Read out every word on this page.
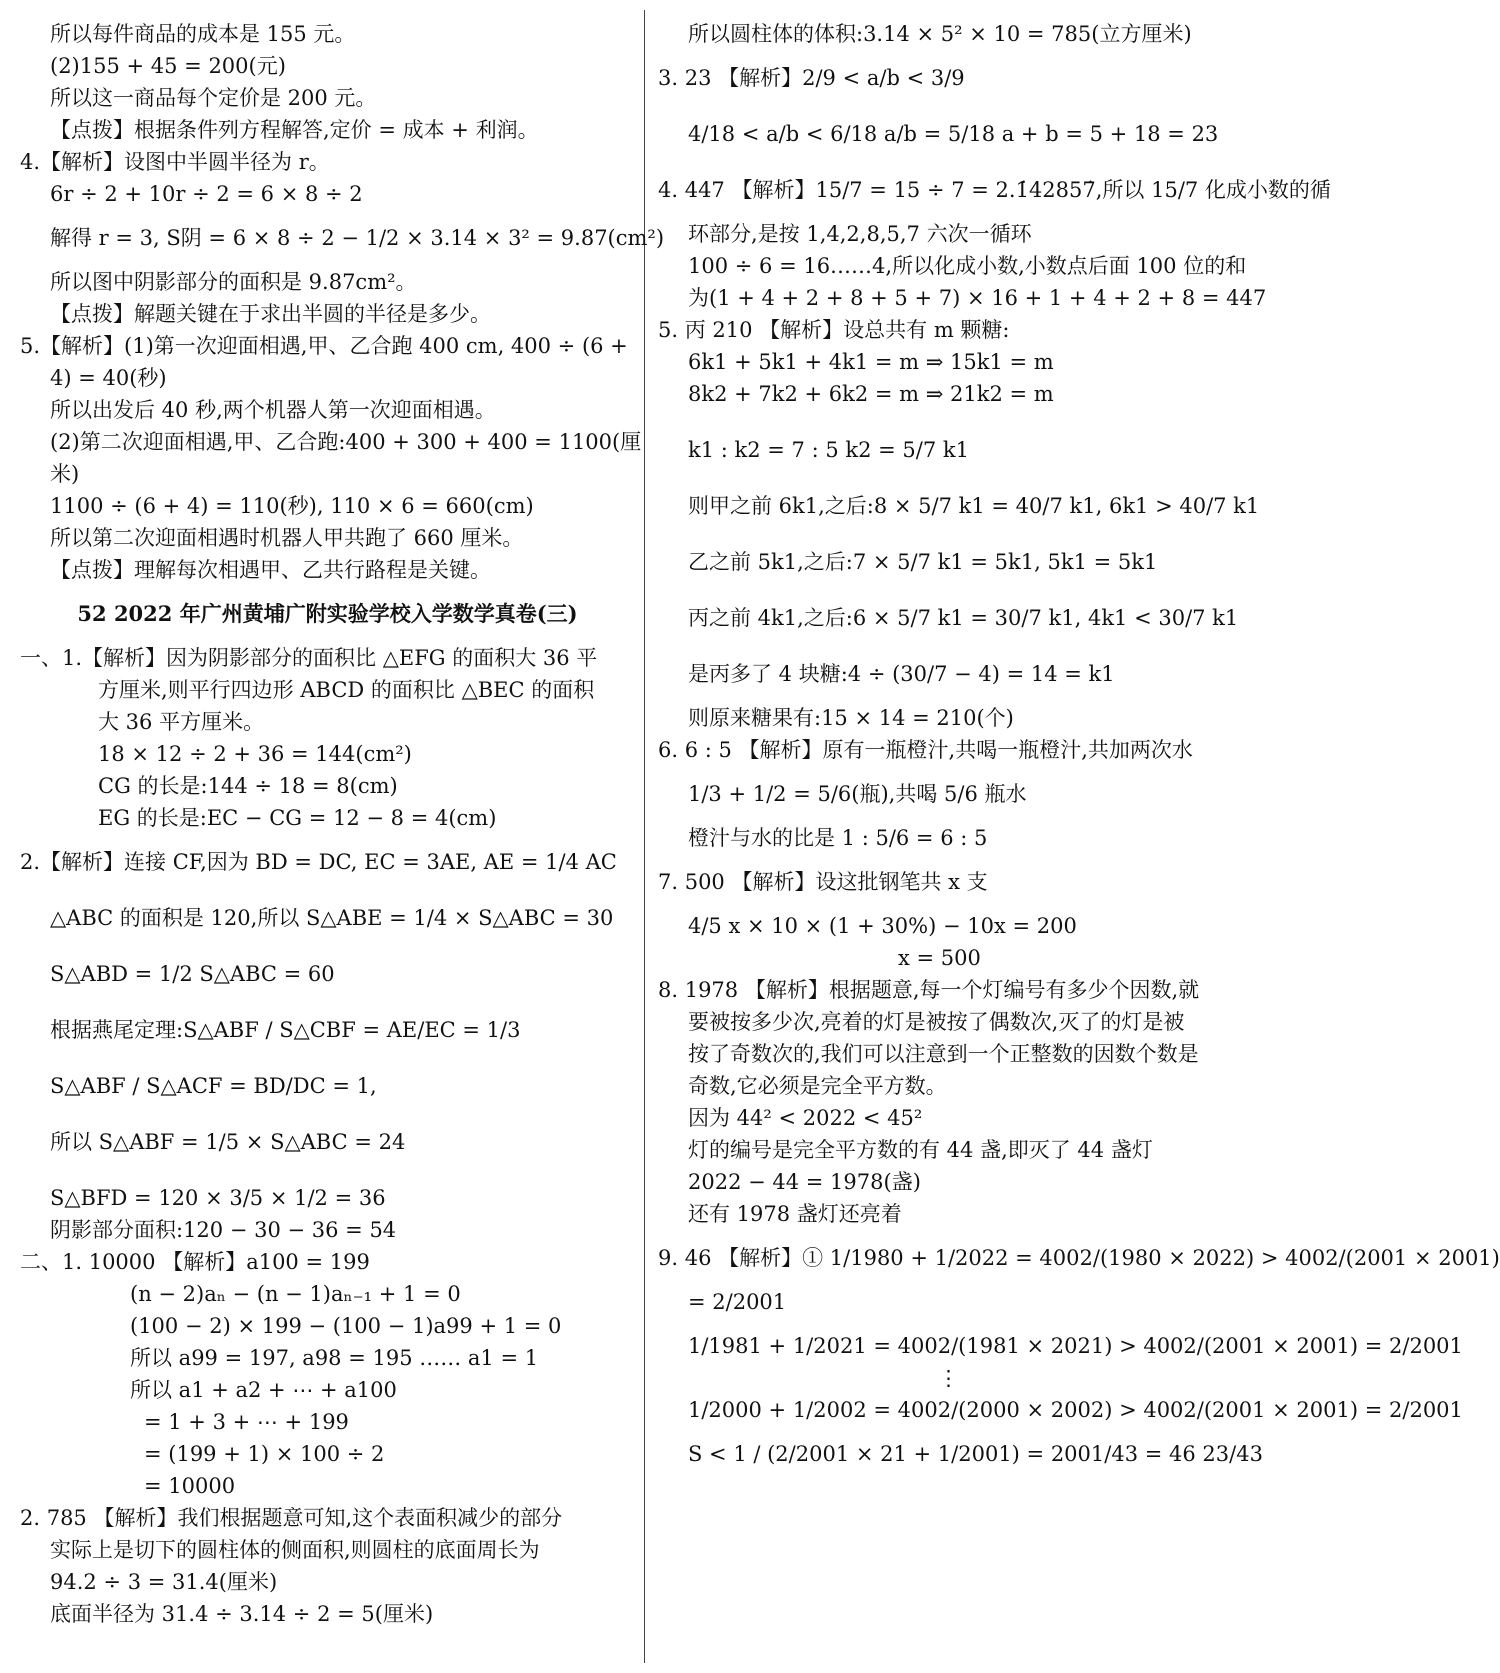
所以每件商品的成本是 155 元。
(2)155 + 45 = 200(元)
所以这一商品每个定价是 200 元。
【点拨】根据条件列方程解答,定价 = 成本 + 利润。
4.【解析】设图中半圆半径为 r。
6r ÷ 2 + 10r ÷ 2 = 6 × 8 ÷ 2
解得 r = 3, S阴 = 6 × 8 ÷ 2 − 1/2 × 3.14 × 3² = 9.87(cm²)
所以图中阴影部分的面积是 9.87cm²。
【点拨】解题关键在于求出半圆的半径是多少。
5.【解析】(1)第一次迎面相遇,甲、乙合跑 400 cm, 400 ÷ (6 +
4) = 40(秒)
所以出发后 40 秒,两个机器人第一次迎面相遇。
(2)第二次迎面相遇,甲、乙合跑:400 + 300 + 400 = 1100(厘
米)
1100 ÷ (6 + 4) = 110(秒), 110 × 6 = 660(cm)
所以第二次迎面相遇时机器人甲共跑了 660 厘米。
【点拨】理解每次相遇甲、乙共行路程是关键。
52 2022 年广州黄埔广附实验学校入学数学真卷(三)
一、1.【解析】因为阴影部分的面积比 △EFG 的面积大 36 平
方厘米,则平行四边形 ABCD 的面积比 △BEC 的面积
大 36 平方厘米。
18 × 12 ÷ 2 + 36 = 144(cm²)
CG 的长是:144 ÷ 18 = 8(cm)
EG 的长是:EC − CG = 12 − 8 = 4(cm)
2.【解析】连接 CF,因为 BD = DC, EC = 3AE, AE = 1/4 AC
△ABC 的面积是 120,所以 S△ABE = 1/4 × S△ABC = 30
S△ABD = 1/2 S△ABC = 60
根据燕尾定理:S△ABF / S△CBF = AE/EC = 1/3
S△ABF / S△ACF = BD/DC = 1,
所以 S△ABF = 1/5 × S△ABC = 24
S△BFD = 120 × 3/5 × 1/2 = 36
阴影部分面积:120 − 30 − 36 = 54
二、1. 10000 【解析】a100 = 199
(n − 2)aₙ − (n − 1)aₙ₋₁ + 1 = 0
(100 − 2) × 199 − (100 − 1)a99 + 1 = 0
所以 a99 = 197, a98 = 195 …… a1 = 1
所以 a1 + a2 + ⋯ + a100
= 1 + 3 + ⋯ + 199
= (199 + 1) × 100 ÷ 2
= 10000
2. 785 【解析】我们根据题意可知,这个表面积减少的部分
实际上是切下的圆柱体的侧面积,则圆柱的底面周长为
94.2 ÷ 3 = 31.4(厘米)
底面半径为 31.4 ÷ 3.14 ÷ 2 = 5(厘米)
所以圆柱体的体积:3.14 × 5² × 10 = 785(立方厘米)
3. 23 【解析】2/9 < a/b < 3/9
4/18 < a/b < 6/18 a/b = 5/18 a + b = 5 + 18 = 23
4. 447 【解析】15/7 = 15 ÷ 7 = 2.1̇42857̇,所以 15/7 化成小数的循
环部分,是按 1,4,2,8,5,7 六次一循环
100 ÷ 6 = 16……4,所以化成小数,小数点后面 100 位的和
为(1 + 4 + 2 + 8 + 5 + 7) × 16 + 1 + 4 + 2 + 8 = 447
5. 丙 210 【解析】设总共有 m 颗糖:
6k1 + 5k1 + 4k1 = m ⇒ 15k1 = m
8k2 + 7k2 + 6k2 = m ⇒ 21k2 = m
k1 : k2 = 7 : 5 k2 = 5/7 k1
则甲之前 6k1,之后:8 × 5/7 k1 = 40/7 k1, 6k1 > 40/7 k1
乙之前 5k1,之后:7 × 5/7 k1 = 5k1, 5k1 = 5k1
丙之前 4k1,之后:6 × 5/7 k1 = 30/7 k1, 4k1 < 30/7 k1
是丙多了 4 块糖:4 ÷ (30/7 − 4) = 14 = k1
则原来糖果有:15 × 14 = 210(个)
6. 6 : 5 【解析】原有一瓶橙汁,共喝一瓶橙汁,共加两次水
1/3 + 1/2 = 5/6(瓶),共喝 5/6 瓶水
橙汁与水的比是 1 : 5/6 = 6 : 5
7. 500 【解析】设这批钢笔共 x 支
4/5 x × 10 × (1 + 30%) − 10x = 200
x = 500
8. 1978 【解析】根据题意,每一个灯编号有多少个因数,就
要被按多少次,亮着的灯是被按了偶数次,灭了的灯是被
按了奇数次的,我们可以注意到一个正整数的因数个数是
奇数,它必须是完全平方数。
因为 44² < 2022 < 45²
灯的编号是完全平方数的有 44 盏,即灭了 44 盏灯
2022 − 44 = 1978(盏)
还有 1978 盏灯还亮着
9. 46 【解析】① 1/1980 + 1/2022 = 4002/(1980 × 2022) > 4002/(2001 × 2001)
= 2/2001
1/1981 + 1/2021 = 4002/(1981 × 2021) > 4002/(2001 × 2001) = 2/2001
⋮
1/2000 + 1/2002 = 4002/(2000 × 2002) > 4002/(2001 × 2001) = 2/2001
S < 1 / (2/2001 × 21 + 1/2001) = 2001/43 = 46 23/43
